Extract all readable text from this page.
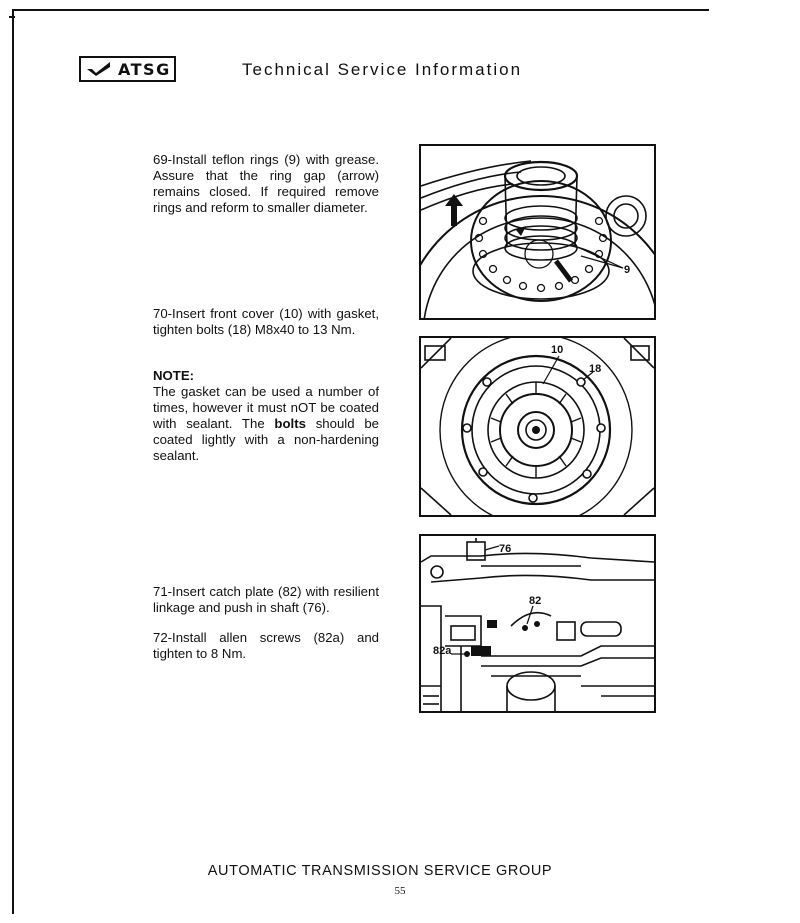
ATSG	Technical Service Information
69-Install teflon rings (9) with grease. Assure that the ring gap (arrow) remains closed. If required remove rings and reform to smaller diameter.
70-Insert front cover (10) with gasket, tighten bolts (18) M8x40 to 13 Nm.
NOTE:
The gasket can be used a number of times, however it must nOT be coated with sealant. The bolts should be coated lightly with a non-hardening sealant.
71-Insert catch plate (82) with resilient linkage and push in shaft (76).
72-Install allen screws (82a) and tighten to 8 Nm.
9
10
18
76
82
82a
AUTOMATIC TRANSMISSION SERVICE GROUP
55
